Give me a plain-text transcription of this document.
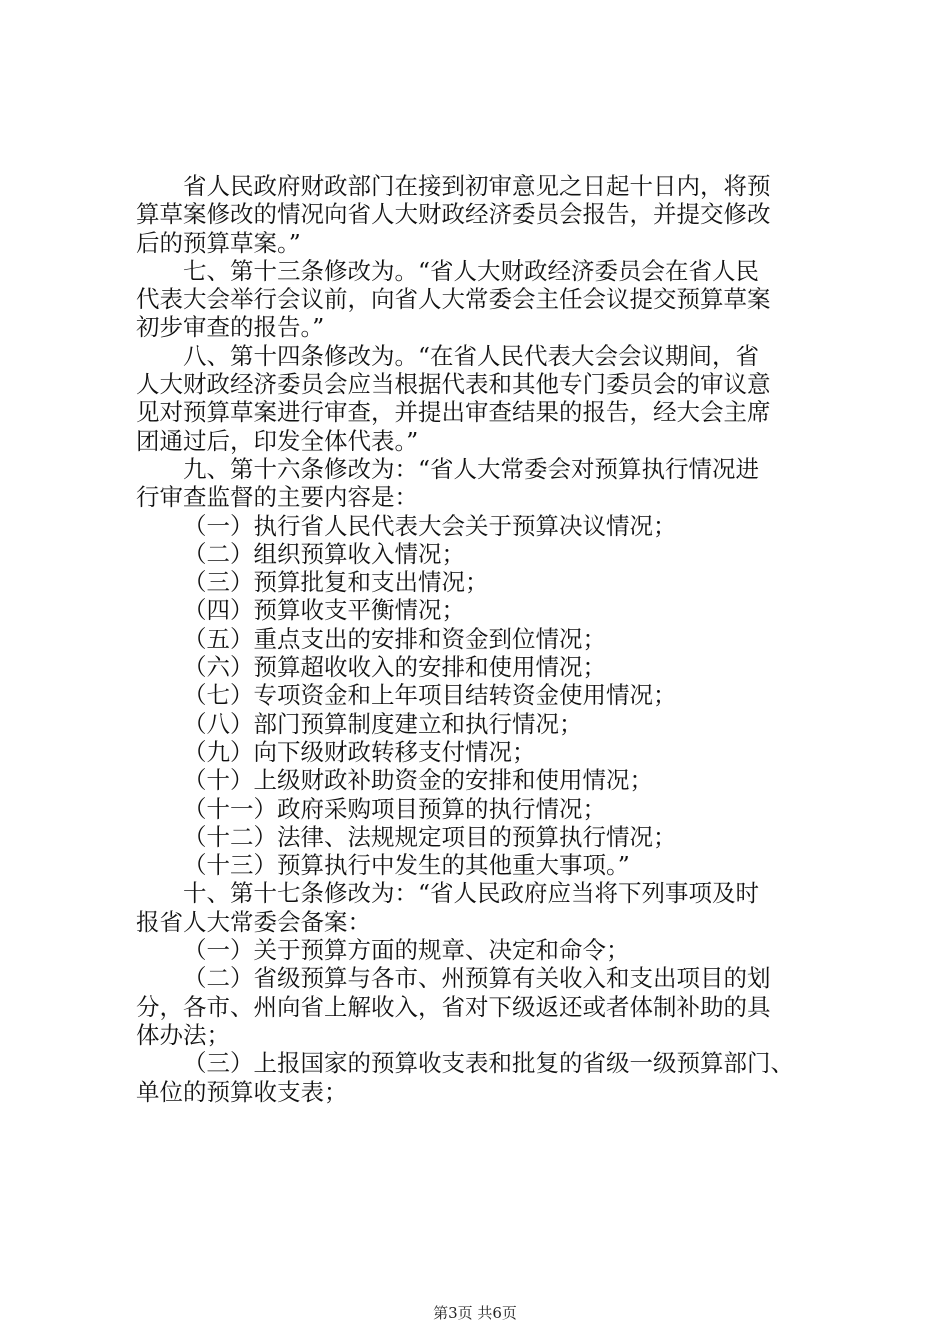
省人民政府财政部门在接到初审意见之日起十日内，将预
算草案修改的情况向省人大财政经济委员会报告，并提交修改
后的预算草案。”
七、第十三条修改为。“省人大财政经济委员会在省人民
代表大会举行会议前，向省人大常委会主任会议提交预算草案
初步审查的报告。”
八、第十四条修改为。“在省人民代表大会会议期间，省
人大财政经济委员会应当根据代表和其他专门委员会的审议意
见对预算草案进行审查，并提出审查结果的报告，经大会主席
团通过后，印发全体代表。”
九、第十六条修改为：“省人大常委会对预算执行情况进
行审查监督的主要内容是：
（一）执行省人民代表大会关于预算决议情况；
（二）组织预算收入情况；
（三）预算批复和支出情况；
（四）预算收支平衡情况；
（五）重点支出的安排和资金到位情况；
（六）预算超收收入的安排和使用情况；
（七）专项资金和上年项目结转资金使用情况；
（八）部门预算制度建立和执行情况；
（九）向下级财政转移支付情况；
（十）上级财政补助资金的安排和使用情况；
（十一）政府采购项目预算的执行情况；
（十二）法律、法规规定项目的预算执行情况；
（十三）预算执行中发生的其他重大事项。”
十、第十七条修改为：“省人民政府应当将下列事项及时
报省人大常委会备案：
（一）关于预算方面的规章、决定和命令；
（二）省级预算与各市、州预算有关收入和支出项目的划
分，各市、州向省上解收入，省对下级返还或者体制补助的具
体办法；
（三）上报国家的预算收支表和批复的省级一级预算部门、
单位的预算收支表；
第3页 共6页
